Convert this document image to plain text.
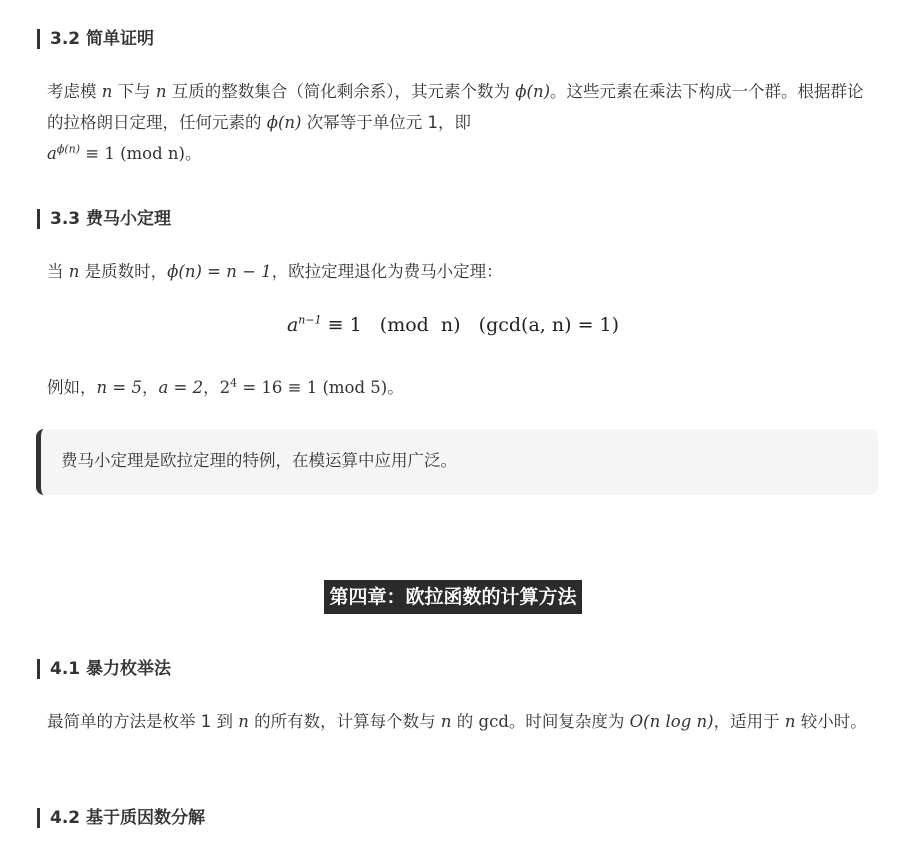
3.2 简单证明
考虑模 n 下与 n 互质的整数集合（简化剩余系），其元素个数为 ϕ(n)。这些元素在乘法下构成一个群。根据群论的拉格朗日定理，任何元素的 ϕ(n) 次幂等于单位元 1，即
$a^{\phi(n)} \equiv 1$ (mod n)。
3.3 费马小定理
当 n 是质数时，ϕ(n) = n − 1，欧拉定理退化为费马小定理：
$a^{n-1} \equiv 1$   (mod  n)   (gcd(a, n) = 1)
例如，n = 5，a = 2，$2^4 = 16 \equiv 1$ (mod 5)。
费马小定理是欧拉定理的特例，在模运算中应用广泛。
第四章：欧拉函数的计算方法
4.1 暴力枚举法
最简单的方法是枚举 1 到 n 的所有数，计算每个数与 n 的 gcd。时间复杂度为 O(n log n)，适用于 n 较小时。
4.2 基于质因数分解
